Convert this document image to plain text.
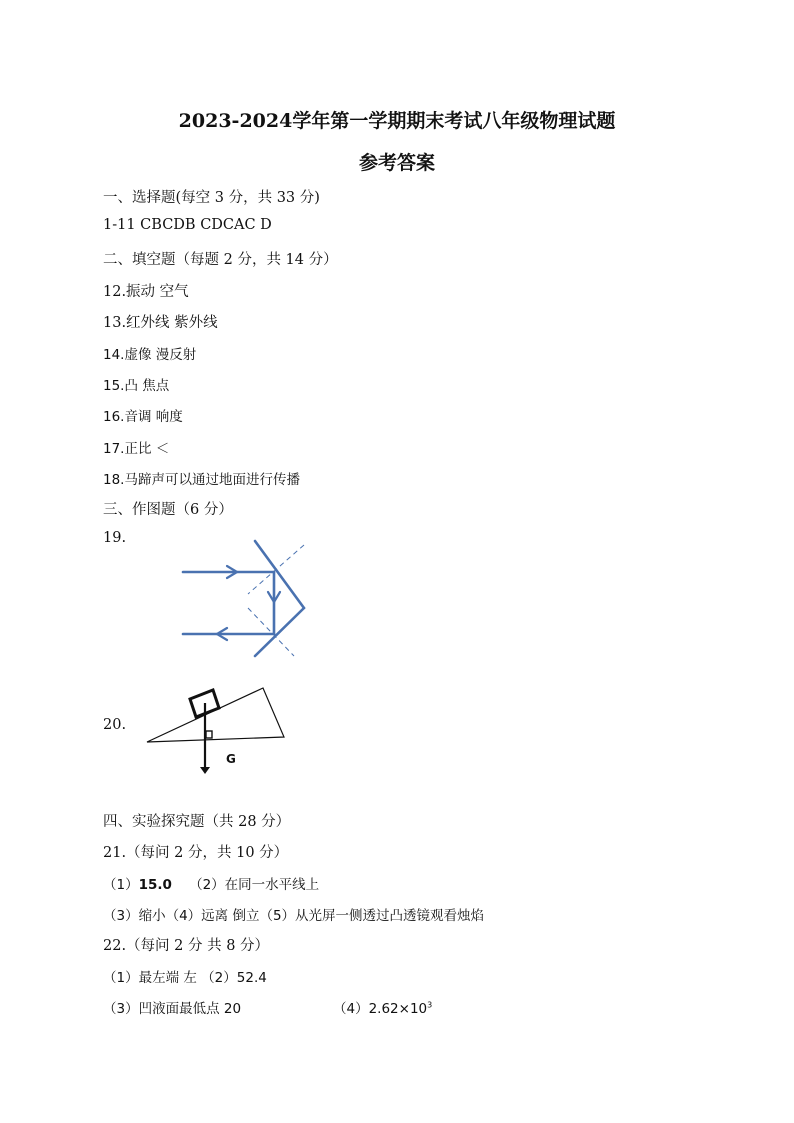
2023-2024学年第一学期期末考试八年级物理试题
参考答案
一、选择题(每空 3 分，共 33 分)
1-11 CBCDB CDCAC D
二、填空题（每题 2 分，共 14 分）
12.振动 空气
13.红外线 紫外线
14.虚像 漫反射
15.凸 焦点
16.音调 响度
17.正比 ＜
18.马蹄声可以通过地面进行传播
三、作图题（6 分）
19.
20.
G
四、实验探究题（共 28 分）
21.（每问 2 分，共 10 分）
（1）15.0 （2）在同一水平线上
（3）缩小（4）远离 倒立（5）从光屏一侧透过凸透镜观看烛焰
22.（每问 2 分 共 8 分）
（1）最左端 左 （2）52.4
（3）凹液面最低点 20	$(4)2.62\times 10^3$
